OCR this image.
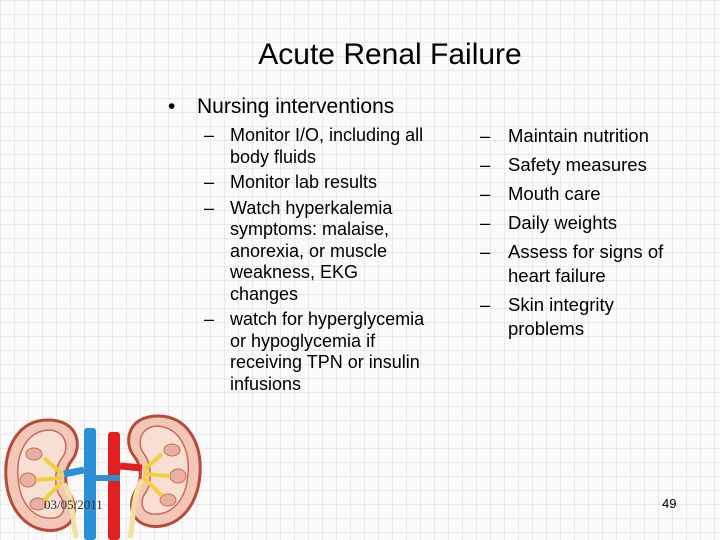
Acute Renal Failure
•	Nursing interventions
– Monitor I/O, including all body fluids
– Monitor lab results
– Watch hyperkalemia symptoms: malaise, anorexia, or muscle weakness, EKG changes
– watch for hyperglycemia or hypoglycemia if receiving TPN or insulin infusions
– Maintain nutrition
– Safety measures
– Mouth care
– Daily weights
– Assess for signs of heart failure
– Skin integrity problems
03/05/2011	49
